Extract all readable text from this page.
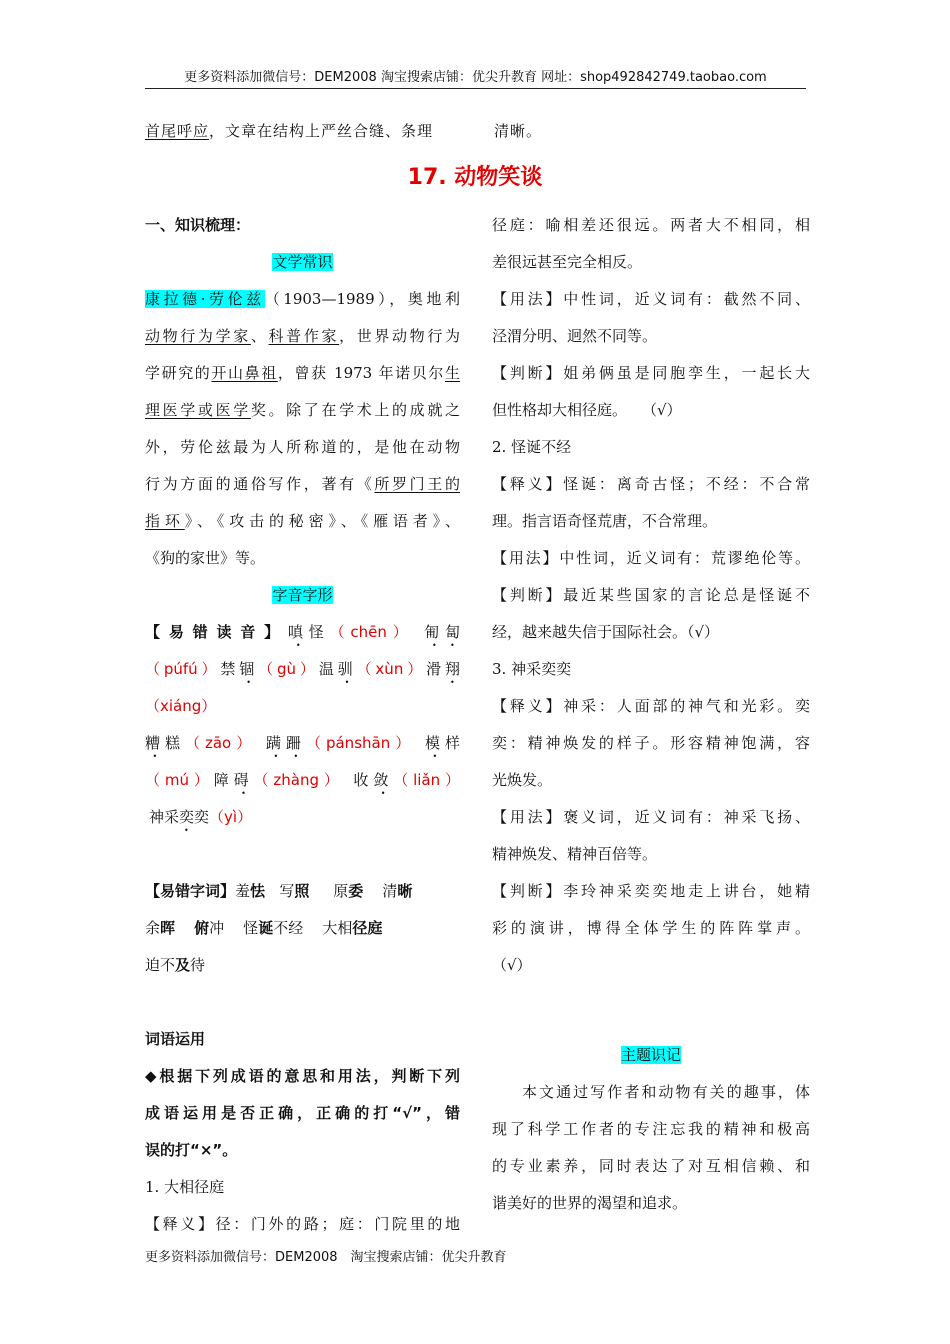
更多资料添加微信号：DEM2008 淘宝搜索店铺：优尖升教育 网址：shop492842749.taobao.com
首尾呼应，文章在结构上严丝合缝、条理	清晰。
17. 动物笑谈
一、知识梳理：
文学常识
康拉德·劳伦兹（1903—1989），奥地利
动物行为学家、科普作家，世界动物行为
学研究的开山鼻祖，曾获 1973 年诺贝尔生
理医学或医学奖。除了在学术上的成就之
外，劳伦兹最为人所称道的，是他在动物
行为方面的通俗写作，著有《所罗门王的
指环》、《攻击的秘密》、《雁语者》、
《狗的家世》等。
字音字形
【易错读音】嗔怪（chēn） 匍匐
（púfú）禁锢（gù）温驯（xùn）滑翔
（xiáng）
糟糕（zāo） 蹒跚（pánshān） 模样
（mú）障碍（zhàng） 收敛（liǎn）
神采奕奕（yì）
【易错字词】羞怯 写照 原委 清晰
余晖 俯冲 怪诞不经 大相径庭
迫不及待
词语运用
◆根据下列成语的意思和用法，判断下列
成语运用是否正确，正确的打“√”，错
误的打“×”。
1. 大相径庭
【释义】径：门外的路；庭：门院里的地
径庭：喻相差还很远。两者大不相同，相
差很远甚至完全相反。
【用法】中性词，近义词有：截然不同、
泾渭分明、迥然不同等。
【判断】姐弟俩虽是同胞孪生，一起长大
但性格却大相径庭。　　（√）
2. 怪诞不经
【释义】怪诞：离奇古怪；不经：不合常
理。指言语奇怪荒唐，不合常理。
【用法】中性词，近义词有：荒谬绝伦等。
【判断】最近某些国家的言论总是怪诞不
经，越来越失信于国际社会。（√）
3. 神采奕奕
【释义】神采：人面部的神气和光彩。奕
奕：精神焕发的样子。形容精神饱满，容
光焕发。
【用法】褒义词，近义词有：神采飞扬、
精神焕发、精神百倍等。
【判断】李玲神采奕奕地走上讲台，她精
彩的演讲，博得全体学生的阵阵掌声。
（√）
主题识记
本文通过写作者和动物有关的趣事，体
现了科学工作者的专注忘我的精神和极高
的专业素养，同时表达了对互相信赖、和
谐美好的世界的渴望和追求。
更多资料添加微信号：DEM2008　淘宝搜索店铺：优尖升教育
